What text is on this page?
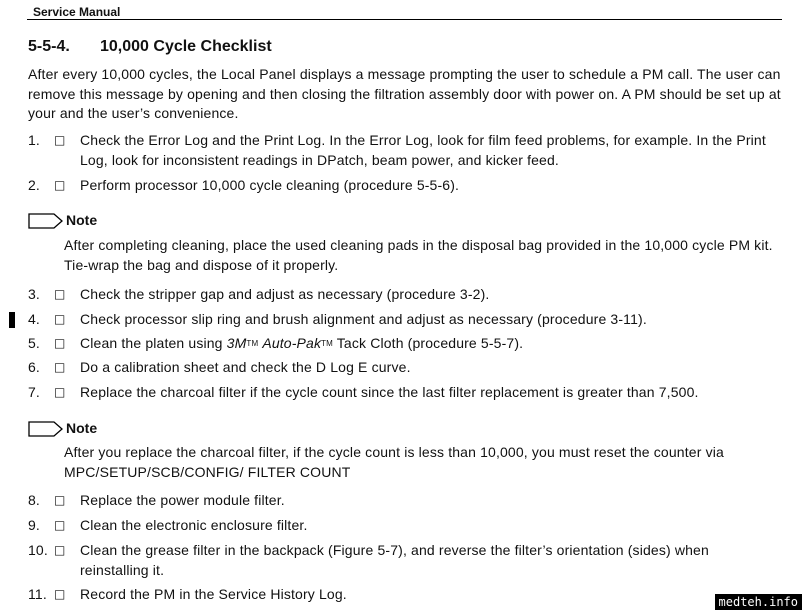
Service Manual
5-5-4. 10,000 Cycle Checklist
After every 10,000 cycles, the Local Panel displays a message prompting the user to schedule a PM call. The user can remove this message by opening and then closing the filtration assembly door with power on. A PM should be set up at your and the user’s convenience.
1.	□ Check the Error Log and the Print Log. In the Error Log, look for film feed problems, for example. In the Print Log, look for inconsistent readings in DPatch, beam power, and kicker feed.
2.	□ Perform processor 10,000 cycle cleaning (procedure 5-5-6).
Note
After completing cleaning, place the used cleaning pads in the disposal bag provided in the 10,000 cycle PM kit. Tie-wrap the bag and dispose of it properly.
3.	□ Check the stripper gap and adjust as necessary (procedure 3-2).
4.	□ Check processor slip ring and brush alignment and adjust as necessary (procedure 3-11).
5.	□ Clean the platen using 3MTM Auto-PakTM Tack Cloth (procedure 5-5-7).
6.	□ Do a calibration sheet and check the D Log E curve.
7.	□ Replace the charcoal filter if the cycle count since the last filter replacement is greater than 7,500.
Note
After you replace the charcoal filter, if the cycle count is less than 10,000, you must reset the counter via MPC/SETUP/SCB/CONFIG/ FILTER COUNT
8.	□ Replace the power module filter.
9.	□ Clean the electronic enclosure filter.
10. □ Clean the grease filter in the backpack (Figure 5-7), and reverse the filter’s orientation (sides) when reinstalling it.
11. □ Record the PM in the Service History Log.	medteh.info
